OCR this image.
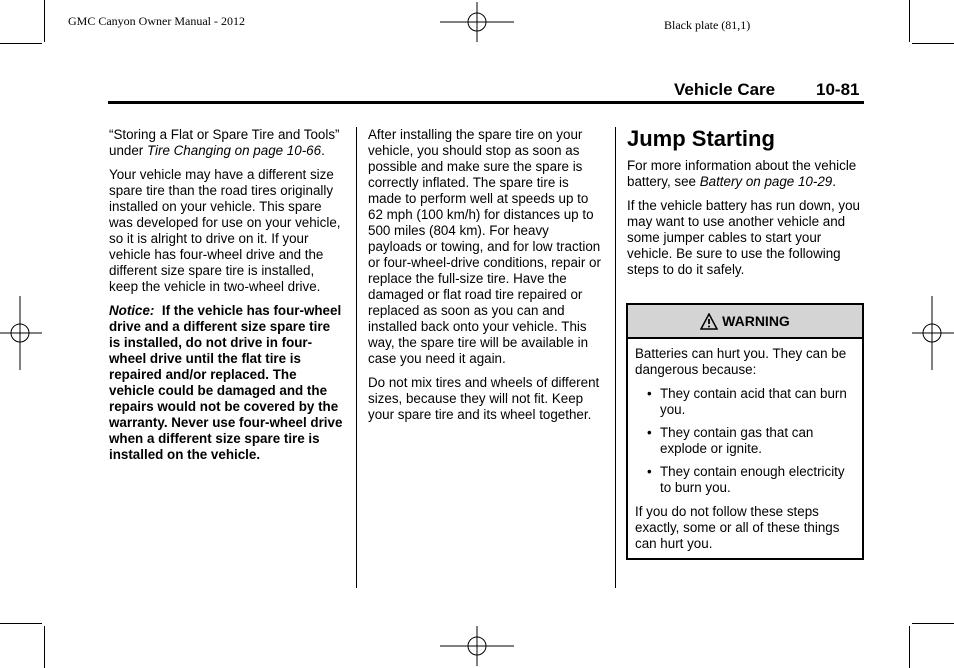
GMC Canyon Owner Manual - 2012	Black plate (81,1)
Vehicle Care 10-81

“Storing a Flat or Spare Tire and Tools” under Tire Changing on page 10-66.

Your vehicle may have a different size spare tire than the road tires originally installed on your vehicle. This spare was developed for use on your vehicle, so it is alright to drive on it. If your vehicle has four-wheel drive and the different size spare tire is installed, keep the vehicle in two-wheel drive.

Notice: If the vehicle has four-wheel drive and a different size spare tire is installed, do not drive in four-wheel drive until the flat tire is repaired and/or replaced. The vehicle could be damaged and the repairs would not be covered by the warranty. Never use four-wheel drive when a different size spare tire is installed on the vehicle.

After installing the spare tire on your vehicle, you should stop as soon as possible and make sure the spare is correctly inflated. The spare tire is made to perform well at speeds up to 62 mph (100 km/h) for distances up to 500 miles (804 km). For heavy payloads or towing, and for low traction or four-wheel-drive conditions, repair or replace the full-size tire. Have the damaged or flat road tire repaired or replaced as soon as you can and installed back onto your vehicle. This way, the spare tire will be available in case you need it again.

Do not mix tires and wheels of different sizes, because they will not fit. Keep your spare tire and its wheel together.

Jump Starting

For more information about the vehicle battery, see Battery on page 10-29.

If the vehicle battery has run down, you may want to use another vehicle and some jumper cables to start your vehicle. Be sure to use the following steps to do it safely.

WARNING

Batteries can hurt you. They can be dangerous because:

• They contain acid that can burn you.
• They contain gas that can explode or ignite.
• They contain enough electricity to burn you.

If you do not follow these steps exactly, some or all of these things can hurt you.
